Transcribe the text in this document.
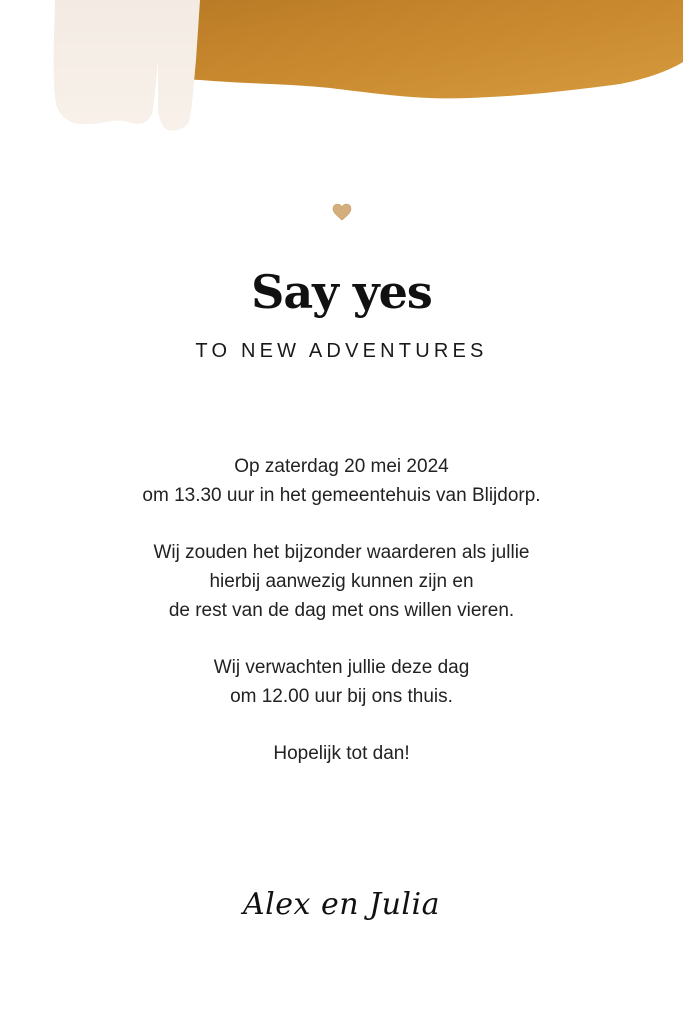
Say yes
TO NEW ADVENTURES
Op zaterdag 20 mei 2024
om 13.30 uur in het gemeentehuis van Blijdorp.
Wij zouden het bijzonder waarderen als jullie
hierbij aanwezig kunnen zijn en
de rest van de dag met ons willen vieren.
Wij verwachten jullie deze dag
om 12.00 uur bij ons thuis.
Hopelijk tot dan!
Alex en Julia
